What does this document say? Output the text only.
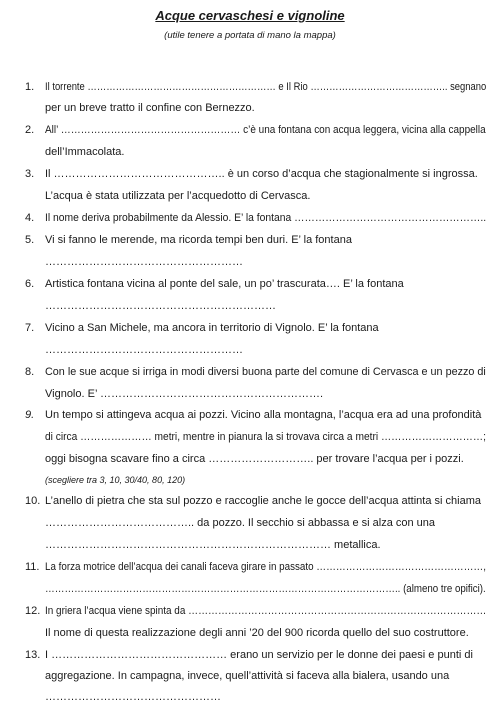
Acque cervaschesi e vignoline
(utile tenere a portata di mano la mappa)
1. Il torrente …………………………………………………… e Il Rio …………………………………….. segnano
per un breve tratto il confine con Bernezzo.
2. All’ ……………………………………………… c’è una fontana con acqua leggera, vicina alla cappella
dell’Immacolata.
3. Il ……………………………………….. è un corso d’acqua che stagionalmente si ingrossa.
L’acqua è stata utilizzata per l’acquedotto di Cervasca.
4. Il nome deriva probabilmente da Alessio. E’ la fontana ………………………………………………..
5. Vi si fanno le merende, ma ricorda tempi ben duri. E’ la fontana
………………………………………………
6. Artistica fontana vicina al ponte del sale, un po’ trascurata…. E’ la fontana
………………………………………………………
7. Vicino a San Michele, ma ancora in territorio di Vignolo. E’ la fontana
………………………………………………
8. Con le sue acque si irriga in modi diversi buona parte del comune di Cervasca e un pezzo di
Vignolo. E’ …………………………………………………….
9. Un tempo si attingeva acqua ai pozzi. Vicino alla montagna, l’acqua era ad una profondità
di circa ………………… metri, mentre in pianura la si trovava circa a metri …………………………;
oggi bisogna scavare fino a circa ……………………….. per trovare l’acqua per i pozzi.
(scegliere tra 3, 10, 30/40, 80, 120)
10. L’anello di pietra che sta sul pozzo e raccoglie anche le gocce dell’acqua attinta si chiama
………………………………….. da pozzo. Il secchio si abbassa e si alza con una
…………………………………………………………………… metallica.
11. La forza motrice dell’acqua dei canali faceva girare in passato ……………………………………………,
……………………………………………………………………………………………….. (almeno tre opifici).
12. In griera l’acqua viene spinta da ………………………………………………………………………………
Il nome di questa realizzazione degli anni ’20 del 900 ricorda quello del suo costruttore.
13. I ………………………………………… erano un servizio per le donne dei paesi e punti di
aggregazione. In campagna, invece, quell’attività si faceva alla bialera, usando una
…………………………………………
